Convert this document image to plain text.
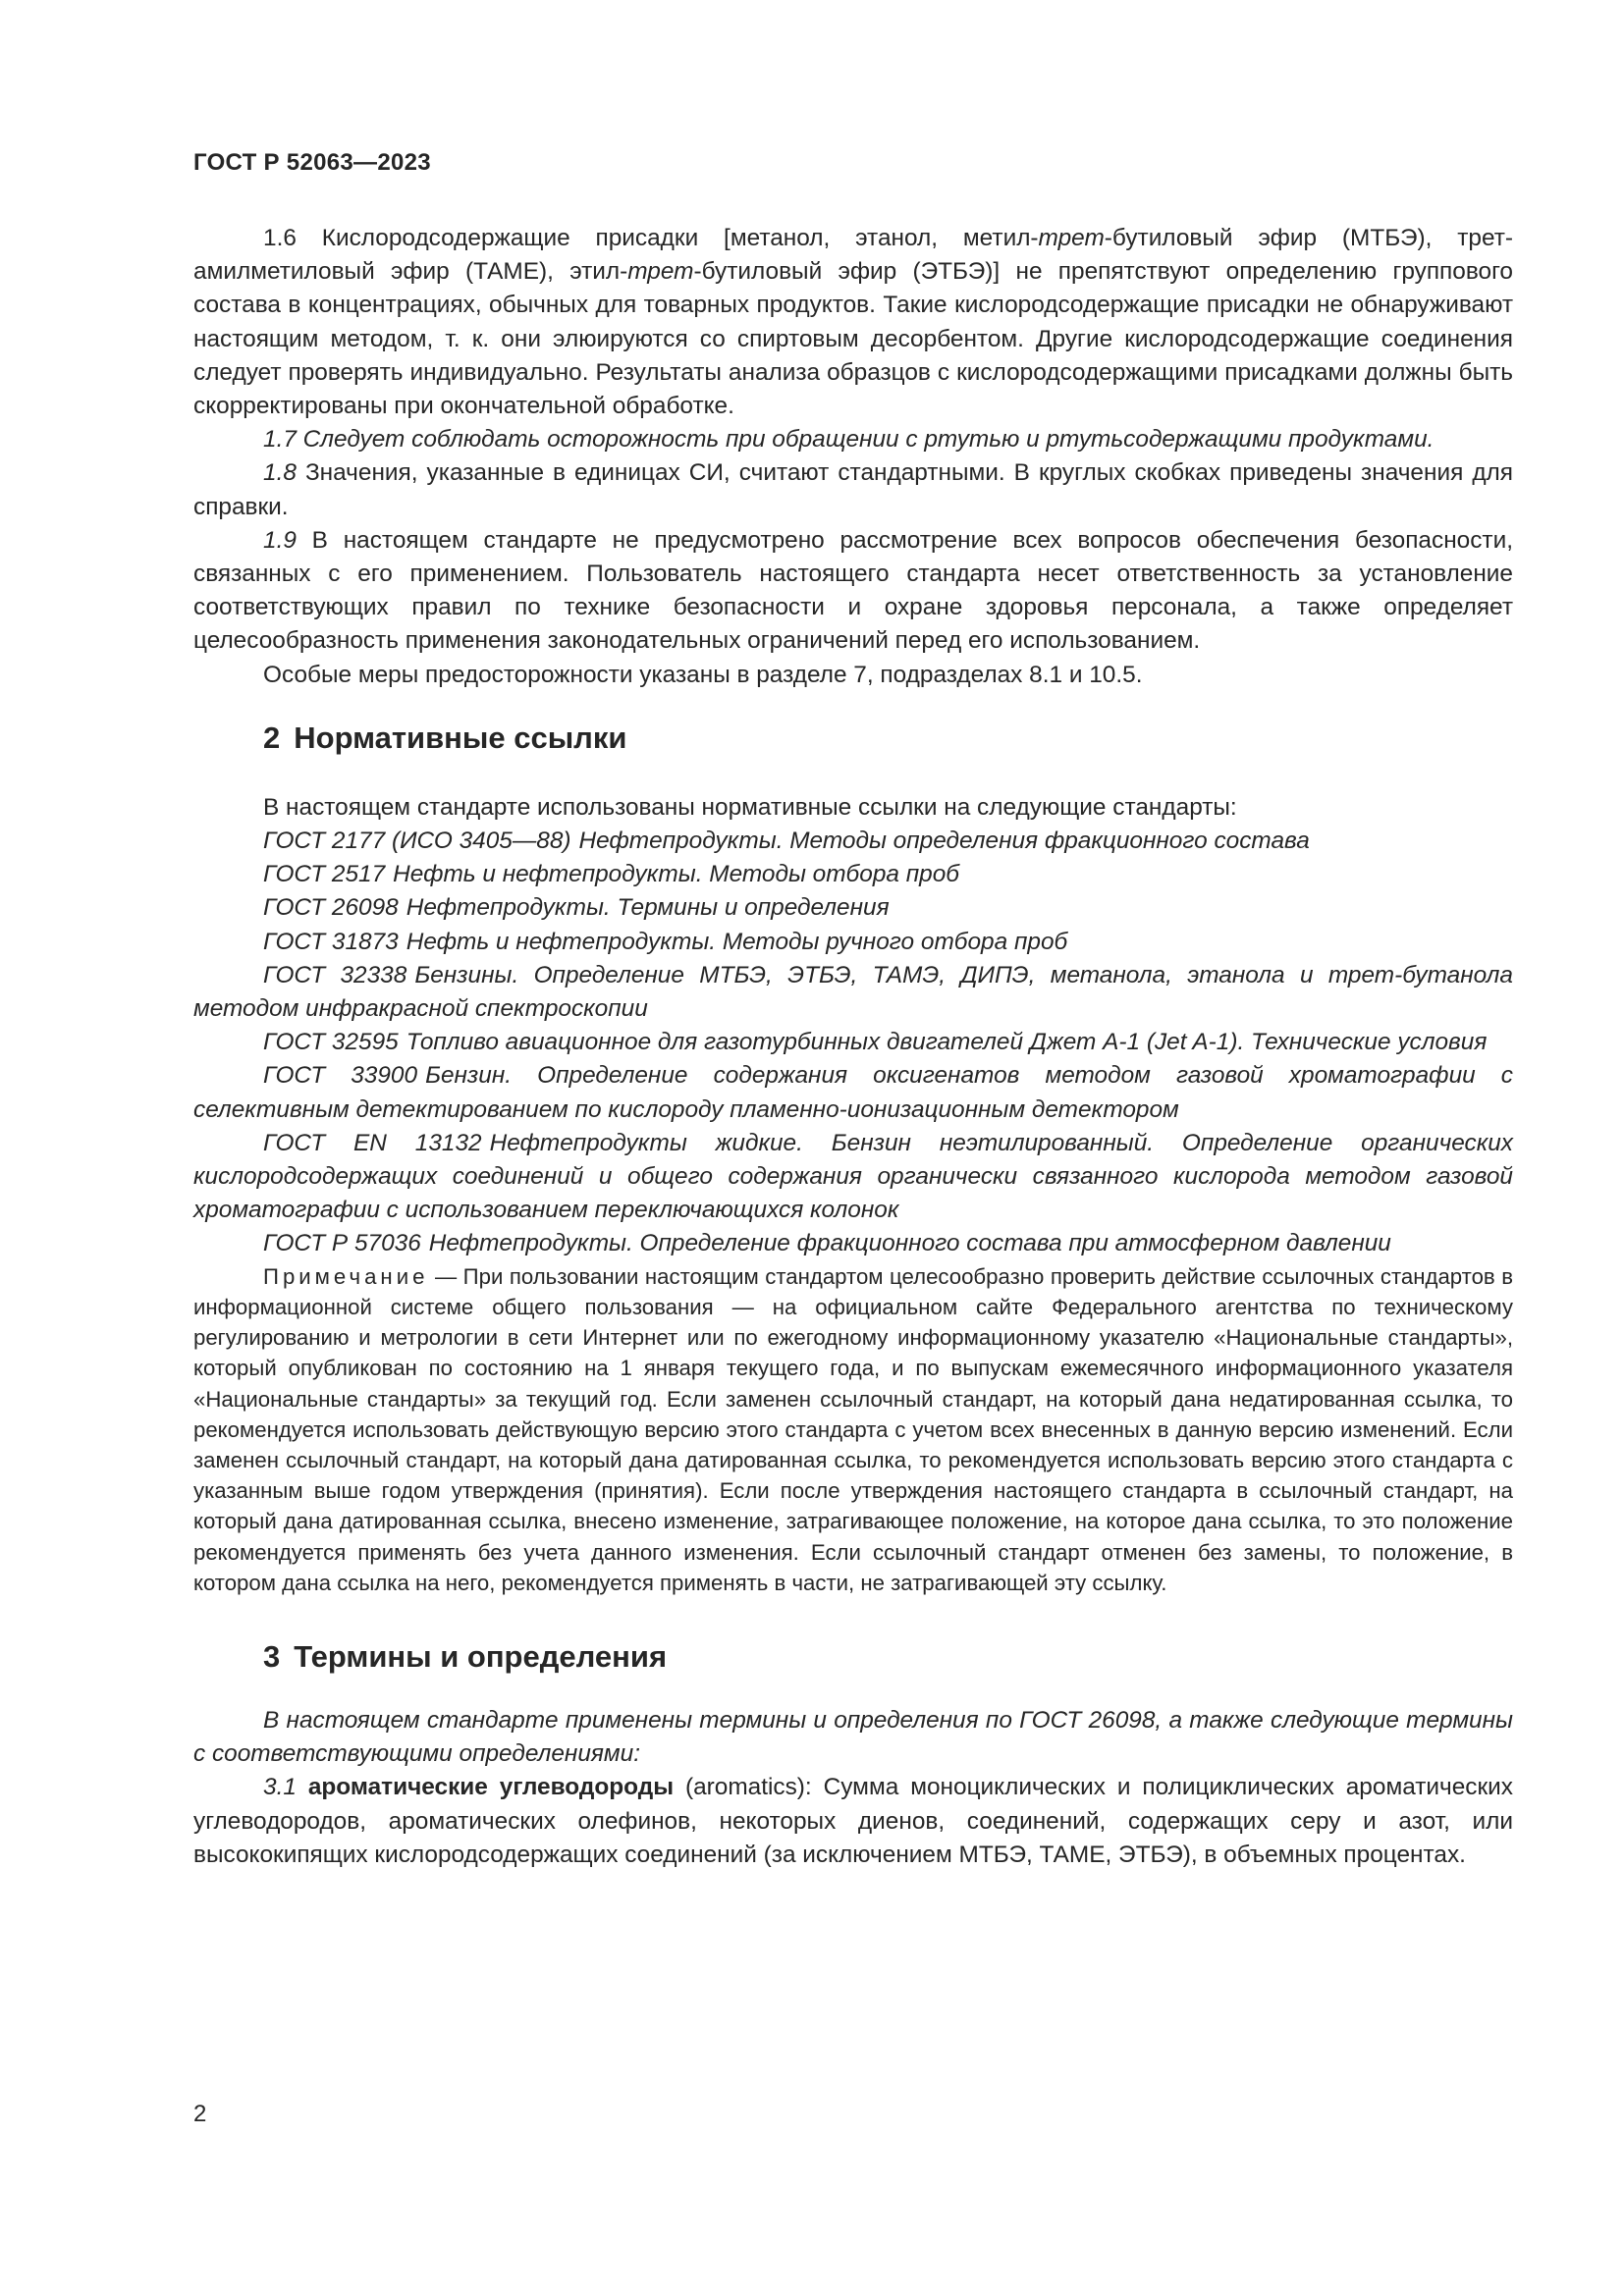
ГОСТ Р 52063—2023

1.6 Кислородсодержащие присадки [метанол, этанол, метил-трет-бутиловый эфир (МТБЭ), трет-амилметиловый эфир (ТАМЕ), этил-трет-бутиловый эфир (ЭТБЭ)] не препятствуют определению группового состава в концентрациях, обычных для товарных продуктов. Такие кислородсодержащие присадки не обнаруживают настоящим методом, т. к. они элюируются со спиртовым десорбентом. Другие кислородсодержащие соединения следует проверять индивидуально. Результаты анализа образцов с кислородсодержащими присадками должны быть скорректированы при окончательной обработке.

1.7 Следует соблюдать осторожность при обращении с ртутью и ртутьсодержащими продуктами.

1.8 Значения, указанные в единицах СИ, считают стандартными. В круглых скобках приведены значения для справки.

1.9 В настоящем стандарте не предусмотрено рассмотрение всех вопросов обеспечения безопасности, связанных с его применением. Пользователь настоящего стандарта несет ответственность за установление соответствующих правил по технике безопасности и охране здоровья персонала, а также определяет целесообразность применения законодательных ограничений перед его использованием.

Особые меры предосторожности указаны в разделе 7, подразделах 8.1 и 10.5.

2 Нормативные ссылки

В настоящем стандарте использованы нормативные ссылки на следующие стандарты:

ГОСТ 2177 (ИСО 3405—88) Нефтепродукты. Методы определения фракционного состава

ГОСТ 2517 Нефть и нефтепродукты. Методы отбора проб

ГОСТ 26098 Нефтепродукты. Термины и определения

ГОСТ 31873 Нефть и нефтепродукты. Методы ручного отбора проб

ГОСТ 32338 Бензины. Определение МТБЭ, ЭТБЭ, ТАМЭ, ДИПЭ, метанола, этанола и трет-бутанола методом инфракрасной спектроскопии

ГОСТ 32595 Топливо авиационное для газотурбинных двигателей Джет А-1 (Jet A-1). Технические условия

ГОСТ 33900 Бензин. Определение содержания оксигенатов методом газовой хроматографии с селективным детектированием по кислороду пламенно-ионизационным детектором

ГОСТ EN 13132 Нефтепродукты жидкие. Бензин неэтилированный. Определение органических кислородсодержащих соединений и общего содержания органически связанного кислорода методом газовой хроматографии с использованием переключающихся колонок

ГОСТ Р 57036 Нефтепродукты. Определение фракционного состава при атмосферном давлении

Примечание — При пользовании настоящим стандартом целесообразно проверить действие ссылочных стандартов в информационной системе общего пользования — на официальном сайте Федерального агентства по техническому регулированию и метрологии в сети Интернет или по ежегодному информационному указателю «Национальные стандарты», который опубликован по состоянию на 1 января текущего года, и по выпускам ежемесячного информационного указателя «Национальные стандарты» за текущий год. Если заменен ссылочный стандарт, на который дана недатированная ссылка, то рекомендуется использовать действующую версию этого стандарта с учетом всех внесенных в данную версию изменений. Если заменен ссылочный стандарт, на который дана датированная ссылка, то рекомендуется использовать версию этого стандарта с указанным выше годом утверждения (принятия). Если после утверждения настоящего стандарта в ссылочный стандарт, на который дана датированная ссылка, внесено изменение, затрагивающее положение, на которое дана ссылка, то это положение рекомендуется применять без учета данного изменения. Если ссылочный стандарт отменен без замены, то положение, в котором дана ссылка на него, рекомендуется применять в части, не затрагивающей эту ссылку.

3 Термины и определения

В настоящем стандарте применены термины и определения по ГОСТ 26098, а также следующие термины с соответствующими определениями:

3.1 ароматические углеводороды (aromatics): Сумма моноциклических и полициклических ароматических углеводородов, ароматических олефинов, некоторых диенов, соединений, содержащих серу и азот, или высококипящих кислородсодержащих соединений (за исключением МТБЭ, ТАМЕ, ЭТБЭ), в объемных процентах.

2
